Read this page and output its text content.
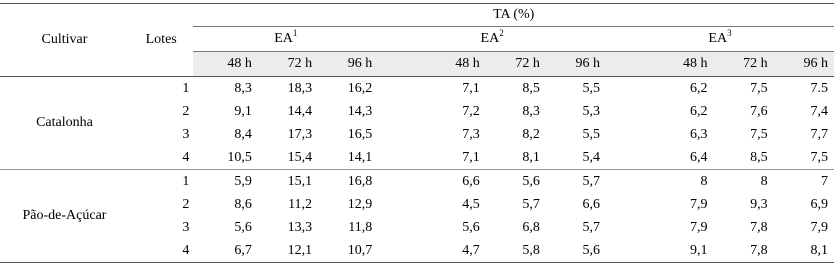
Cultivar	Lotes	TA (%)								
		$EA^1$			$EA^2$			$EA^3$
		48 h	72 h	96 h	48 h	72 h	96 h	48 h	72 h	96 h
Catalonha	1	8,3	18,3	16,2	7,1	8,5	5,5	6,2	7,5	7.5
	2	9,1	14,4	14,3	7,2	8,3	5,3	6,2	7,6	7,4
	3	8,4	17,3	16,5	7,3	8,2	5,5	6,3	7,5	7,7
	4	10,5	15,4	14,1	7,1	8,1	5,4	6,4	8,5	7,5
Pão-de-Açúcar	1	5,9	15,1	16,8	6,6	5,6	5,7	8	8	7
	2	8,6	11,2	12,9	4,5	5,7	6,6	7,9	9,3	6,9
	3	5,6	13,3	11,8	5,6	6,8	5,7	7,9	7,8	7,9
	4	6,7	12,1	10,7	4,7	5,8	5,6	9,1	7,8	8,1
